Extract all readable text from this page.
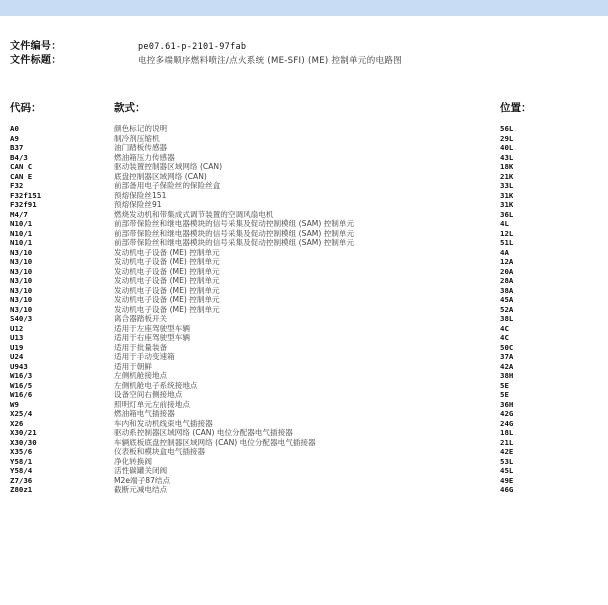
文件编号：	pe07.61-p-2101-97fab
文件标题：	电控多端顺序燃料喷注/点火系统 (ME-SFI) (ME) 控制单元的电路图
代码：	款式：	位置：
A0	颜色标记的说明	56L
A9	制冷剂压缩机	29L
B37	油门踏板传感器	40L
B4/3	燃油箱压力传感器	43L
CAN C	驱动装置控制器区域网络 (CAN)	18K
CAN E	底盘控制器区域网络 (CAN)	21K
F32	前部备用电子保险丝的保险丝盒	33L
F32f151	预熔保险丝151	31K
F32f91	预熔保险丝91	31K
M4/7	燃烧发动机和带集成式调节装置的空调风扇电机	36L
N10/1	前部带保险丝和继电器模块的信号采集及促动控制模组 (SAM) 控制单元	4L
N10/1	前部带保险丝和继电器模块的信号采集及促动控制模组 (SAM) 控制单元	12L
N10/1	前部带保险丝和继电器模块的信号采集及促动控制模组 (SAM) 控制单元	51L
N3/10	发动机电子设备 (ME) 控制单元	4A
N3/10	发动机电子设备 (ME) 控制单元	12A
N3/10	发动机电子设备 (ME) 控制单元	20A
N3/10	发动机电子设备 (ME) 控制单元	28A
N3/10	发动机电子设备 (ME) 控制单元	38A
N3/10	发动机电子设备 (ME) 控制单元	45A
N3/10	发动机电子设备 (ME) 控制单元	52A
S40/3	离合器踏板开关	38L
U12	适用于左座驾驶型车辆	4C
U13	适用于右座驾驶型车辆	4C
U19	适用于批量装备	50C
U24	适用于手动变速箱	37A
U943	适用于朝鲜	42A
W16/3	左侧机舱接地点	38H
W16/5	左侧机舱电子系统接地点	5E
W16/6	设备空间右侧接地点	5E
W9	照明灯单元左前接地点	36H
X25/4	燃油箱电气插接器	42G
X26	车内和发动机线束电气插接器	24G
X30/21	驱动系控制器区域网络 (CAN) 电位分配器电气插接器	18L
X30/30	车辆底板底盘控制器区域网络 (CAN) 电位分配器电气插接器	21L
X35/6	仪表板和模块盒电气插接器	42E
Y58/1	净化转换阀	53L
Y58/4	活性碳罐关闭阀	45L
Z7/36	M2e端子87结点	49E
Z80z1	截断元减电结点	46G
